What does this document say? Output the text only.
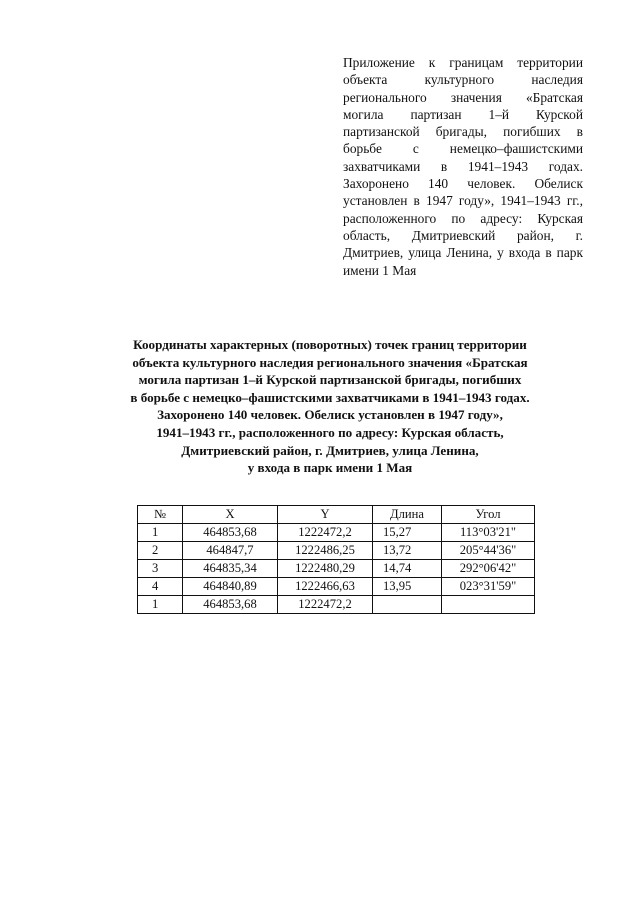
Приложение к границам территории объекта культурного наследия регионального значения «Братская могила партизан 1–й Курской партизанской бригады, погибших в борьбе с немецко–фашистскими захватчиками в 1941–1943 годах. Захоронено 140 человек. Обелиск установлен в 1947 году», 1941–1943 гг., расположенного по адресу: Курская область, Дмитриевский район, г. Дмитриев, улица Ленина, у входа в парк имени 1 Мая
Координаты характерных (поворотных) точек границ территории
объекта культурного наследия регионального значения «Братская
могила партизан 1–й Курской партизанской бригады, погибших
в борьбе с немецко–фашистскими захватчиками в 1941–1943 годах.
Захоронено 140 человек. Обелиск установлен в 1947 году»,
1941–1943 гг., расположенного по адресу: Курская область,
Дмитриевский район, г. Дмитриев, улица Ленина,
у входа в парк имени 1 Мая
№	X	Y	Длина	Угол
1	464853,68	1222472,2	15,27	113°03'21"
2	464847,7	1222486,25	13,72	205°44'36"
3	464835,34	1222480,29	14,74	292°06'42"
4	464840,89	1222466,63	13,95	023°31'59"
1	464853,68	1222472,2		
